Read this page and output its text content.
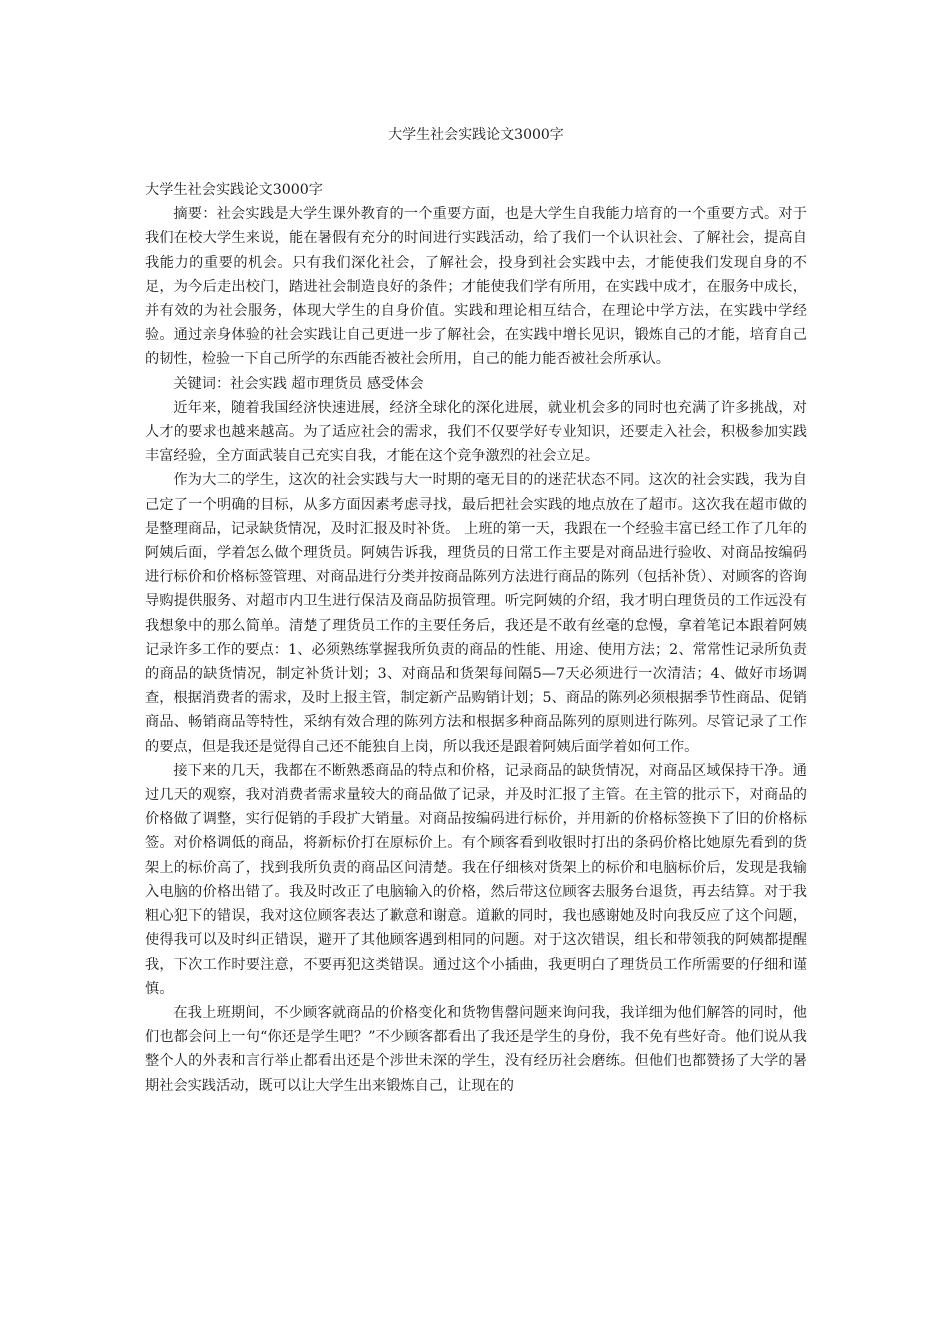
大学生社会实践论文3000字

大学生社会实践论文3000字

摘要：社会实践是大学生课外教育的一个重要方面，也是大学生自我能力培育的一个重要方式。对于我们在校大学生来说，能在暑假有充分的时间进行实践活动，给了我们一个认识社会、了解社会，提高自我能力的重要的机会。只有我们深化社会，了解社会，投身到社会实践中去，才能使我们发现自身的不足，为今后走出校门，踏进社会制造良好的条件；才能使我们学有所用，在实践中成才，在服务中成长，并有效的为社会服务，体现大学生的自身价值。实践和理论相互结合，在理论中学方法，在实践中学经验。通过亲身体验的社会实践让自己更进一步了解社会，在实践中增长见识，锻炼自己的才能，培育自己的韧性，检验一下自己所学的东西能否被社会所用，自己的能力能否被社会所承认。

关键词：社会实践 超市理货员 感受体会

近年来，随着我国经济快速进展，经济全球化的深化进展，就业机会多的同时也充满了许多挑战，对人才的要求也越来越高。为了适应社会的需求，我们不仅要学好专业知识，还要走入社会，积极参加实践丰富经验，全方面武装自己充实自我，才能在这个竞争激烈的社会立足。

作为大二的学生，这次的社会实践与大一时期的毫无目的的迷茫状态不同。这次的社会实践，我为自己定了一个明确的目标，从多方面因素考虑寻找，最后把社会实践的地点放在了超市。这次我在超市做的是整理商品，记录缺货情况，及时汇报及时补货。 上班的第一天，我跟在一个经验丰富已经工作了几年的阿姨后面，学着怎么做个理货员。阿姨告诉我，理货员的日常工作主要是对商品进行验收、对商品按编码进行标价和价格标签管理、对商品进行分类并按商品陈列方法进行商品的陈列（包括补货）、对顾客的咨询导购提供服务、对超市内卫生进行保洁及商品防损管理。听完阿姨的介绍，我才明白理货员的工作远没有我想象中的那么简单。清楚了理货员工作的主要任务后，我还是不敢有丝毫的怠慢，拿着笔记本跟着阿姨记录许多工作的要点：1、必须熟练掌握我所负责的商品的性能、用途、使用方法；2、常常性记录所负责的商品的缺货情况，制定补货计划；3、对商品和货架每间隔5—7天必须进行一次清洁；4、做好市场调查，根据消费者的需求，及时上报主管，制定新产品购销计划；5、商品的陈列必须根据季节性商品、促销商品、畅销商品等特性，采纳有效合理的陈列方法和根据多种商品陈列的原则进行陈列。尽管记录了工作的要点，但是我还是觉得自己还不能独自上岗，所以我还是跟着阿姨后面学着如何工作。

接下来的几天，我都在不断熟悉商品的特点和价格，记录商品的缺货情况，对商品区域保持干净。通过几天的观察，我对消费者需求量较大的商品做了记录，并及时汇报了主管。在主管的批示下，对商品的价格做了调整，实行促销的手段扩大销量。对商品按编码进行标价，并用新的价格标签换下了旧的价格标签。对价格调低的商品，将新标价打在原标价上。有个顾客看到收银时打出的条码价格比她原先看到的货架上的标价高了，找到我所负责的商品区问清楚。我在仔细核对货架上的标价和电脑标价后，发现是我输入电脑的价格出错了。我及时改正了电脑输入的价格，然后带这位顾客去服务台退货，再去结算。对于我粗心犯下的错误，我对这位顾客表达了歉意和谢意。道歉的同时，我也感谢她及时向我反应了这个问题，使得我可以及时纠正错误，避开了其他顾客遇到相同的问题。对于这次错误，组长和带领我的阿姨都提醒我，下次工作时要注意，不要再犯这类错误。通过这个小插曲，我更明白了理货员工作所需要的仔细和谨慎。

在我上班期间，不少顾客就商品的价格变化和货物售罄问题来询问我，我详细为他们解答的同时，他们也都会问上一句“你还是学生吧？”不少顾客都看出了我还是学生的身份，我不免有些好奇。他们说从我整个人的外表和言行举止都看出还是个涉世未深的学生，没有经历社会磨练。但他们也都赞扬了大学的暑期社会实践活动，既可以让大学生出来锻炼自己，让现在的
